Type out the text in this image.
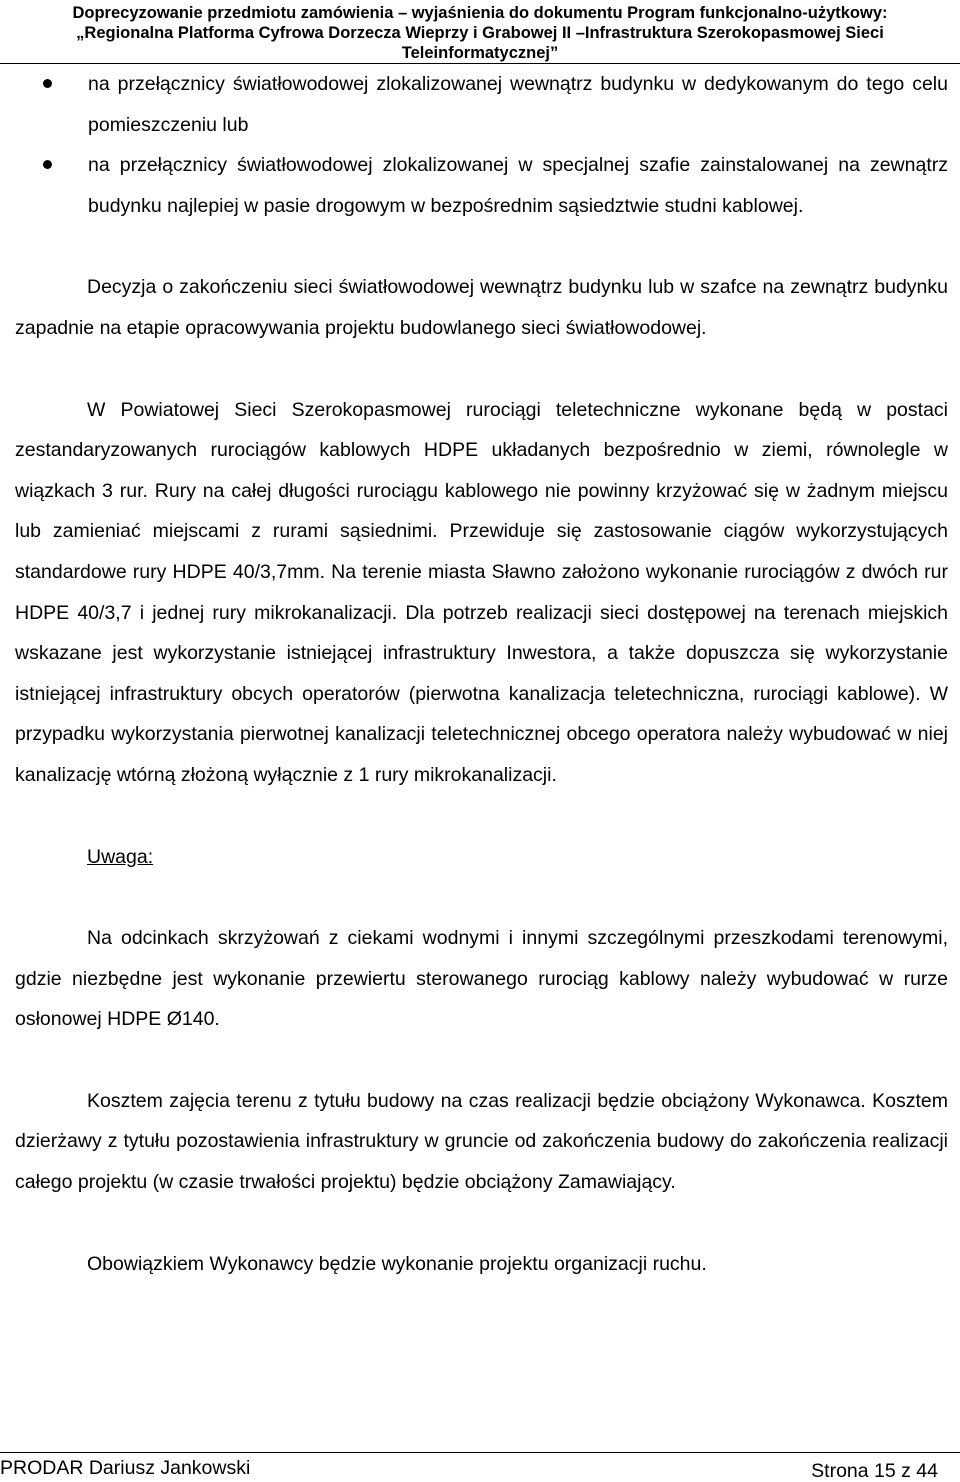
Doprecyzowanie przedmiotu zamówienia – wyjaśnienia do dokumentu Program funkcjonalno-użytkowy:
„Regionalna Platforma Cyfrowa Dorzecza Wieprzy i Grabowej II –Infrastruktura Szerokopasmowej Sieci
Teleinformatycznej”
na przełącznicy światłowodowej zlokalizowanej wewnątrz budynku w dedykowanym do tego celu pomieszczeniu lub
na przełącznicy światłowodowej zlokalizowanej w specjalnej szafie zainstalowanej na zewnątrz budynku najlepiej w pasie drogowym w bezpośrednim sąsiedztwie studni kablowej.

Decyzja o zakończeniu sieci światłowodowej wewnątrz budynku lub w szafce na zewnątrz budynku zapadnie na etapie opracowywania projektu budowlanego sieci światłowodowej.

W Powiatowej Sieci Szerokopasmowej rurociągi teletechniczne wykonane będą w postaci zestandaryzowanych rurociągów kablowych HDPE układanych bezpośrednio w ziemi, równolegle w wiązkach 3 rur. Rury na całej długości rurociągu kablowego nie powinny krzyżować się w żadnym miejscu lub zamieniać miejscami z rurami sąsiednimi. Przewiduje się zastosowanie ciągów wykorzystujących standardowe rury HDPE 40/3,7mm. Na terenie miasta Sławno założono wykonanie rurociągów z dwóch rur HDPE 40/3,7 i jednej rury mikrokanalizacji. Dla potrzeb realizacji sieci dostępowej na terenach miejskich wskazane jest wykorzystanie istniejącej infrastruktury Inwestora, a także dopuszcza się wykorzystanie istniejącej infrastruktury obcych operatorów (pierwotna kanalizacja teletechniczna, rurociągi kablowe). W przypadku wykorzystania pierwotnej kanalizacji teletechnicznej obcego operatora należy wybudować w niej kanalizację wtórną złożoną wyłącznie z 1 rury mikrokanalizacji.

Uwaga:

Na odcinkach skrzyżowań z ciekami wodnymi i innymi szczególnymi przeszkodami terenowymi, gdzie niezbędne jest wykonanie przewiertu sterowanego rurociąg kablowy należy wybudować w rurze osłonowej HDPE Ø140.

Kosztem zajęcia terenu z tytułu budowy na czas realizacji będzie obciążony Wykonawca. Kosztem dzierżawy z tytułu pozostawienia infrastruktury w gruncie od zakończenia budowy do zakończenia realizacji całego projektu (w czasie trwałości projektu) będzie obciążony Zamawiający.

Obowiązkiem Wykonawcy będzie wykonanie projektu organizacji ruchu.

PRODAR Dariusz Jankowski	Strona 15 z 44
